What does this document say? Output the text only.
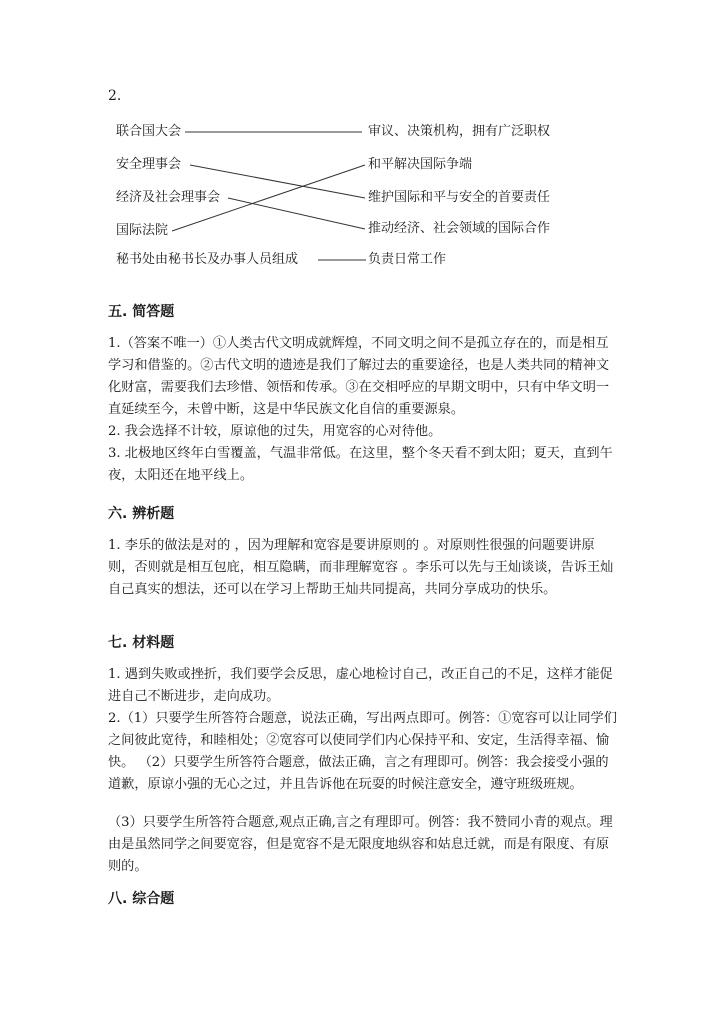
2.
联合国大会
安全理事会
经济及社会理事会
国际法院
秘书处由秘书长及办事人员组成
审议、决策机构，拥有广泛职权
和平解决国际争端
维护国际和平与安全的首要责任
推动经济、社会领域的国际合作
负责日常工作
五. 简答题

1.（答案不唯一）①人类古代文明成就辉煌，不同文明之间不是孤立存在的，而是相互学习和借鉴的。②古代文明的遗迹是我们了解过去的重要途径，也是人类共同的精神文化财富，需要我们去珍惜、领悟和传承。③在交相呼应的早期文明中，只有中华文明一直延续至今，未曾中断，这是中华民族文化自信的重要源泉。

2. 我会选择不计较，原谅他的过失，用宽容的心对待他。

3. 北极地区终年白雪覆盖，气温非常低。在这里，整个冬天看不到太阳；夏天，直到午夜，太阳还在地平线上。

六. 辨析题

1. 李乐的做法是对的 ，因为理解和宽容是要讲原则的 。对原则性很强的问题要讲原则，否则就是相互包庇，相互隐瞒，而非理解宽容 。李乐可以先与王灿谈谈，告诉王灿自己真实的想法，还可以在学习上帮助王灿共同提高，共同分享成功的快乐。

七. 材料题

1. 遇到失败或挫折，我们要学会反思，虚心地检讨自己，改正自己的不足，这样才能促进自己不断进步，走向成功。

2.（1）只要学生所答符合题意，说法正确，写出两点即可。例答：①宽容可以让同学们之间彼此宽待，和睦相处；②宽容可以使同学们内心保持平和、安定，生活得幸福、愉快。 （2）只要学生所答符合题意，做法正确，言之有理即可。例答：我会接受小强的道歉，原谅小强的无心之过，并且告诉他在玩耍的时候注意安全，遵守班级班规。

（3）只要学生所答符合题意,观点正确,言之有理即可。例答：我不赞同小青的观点。理由是虽然同学之间要宽容，但是宽容不是无限度地纵容和姑息迁就，而是有限度、有原则的。

八. 综合题
